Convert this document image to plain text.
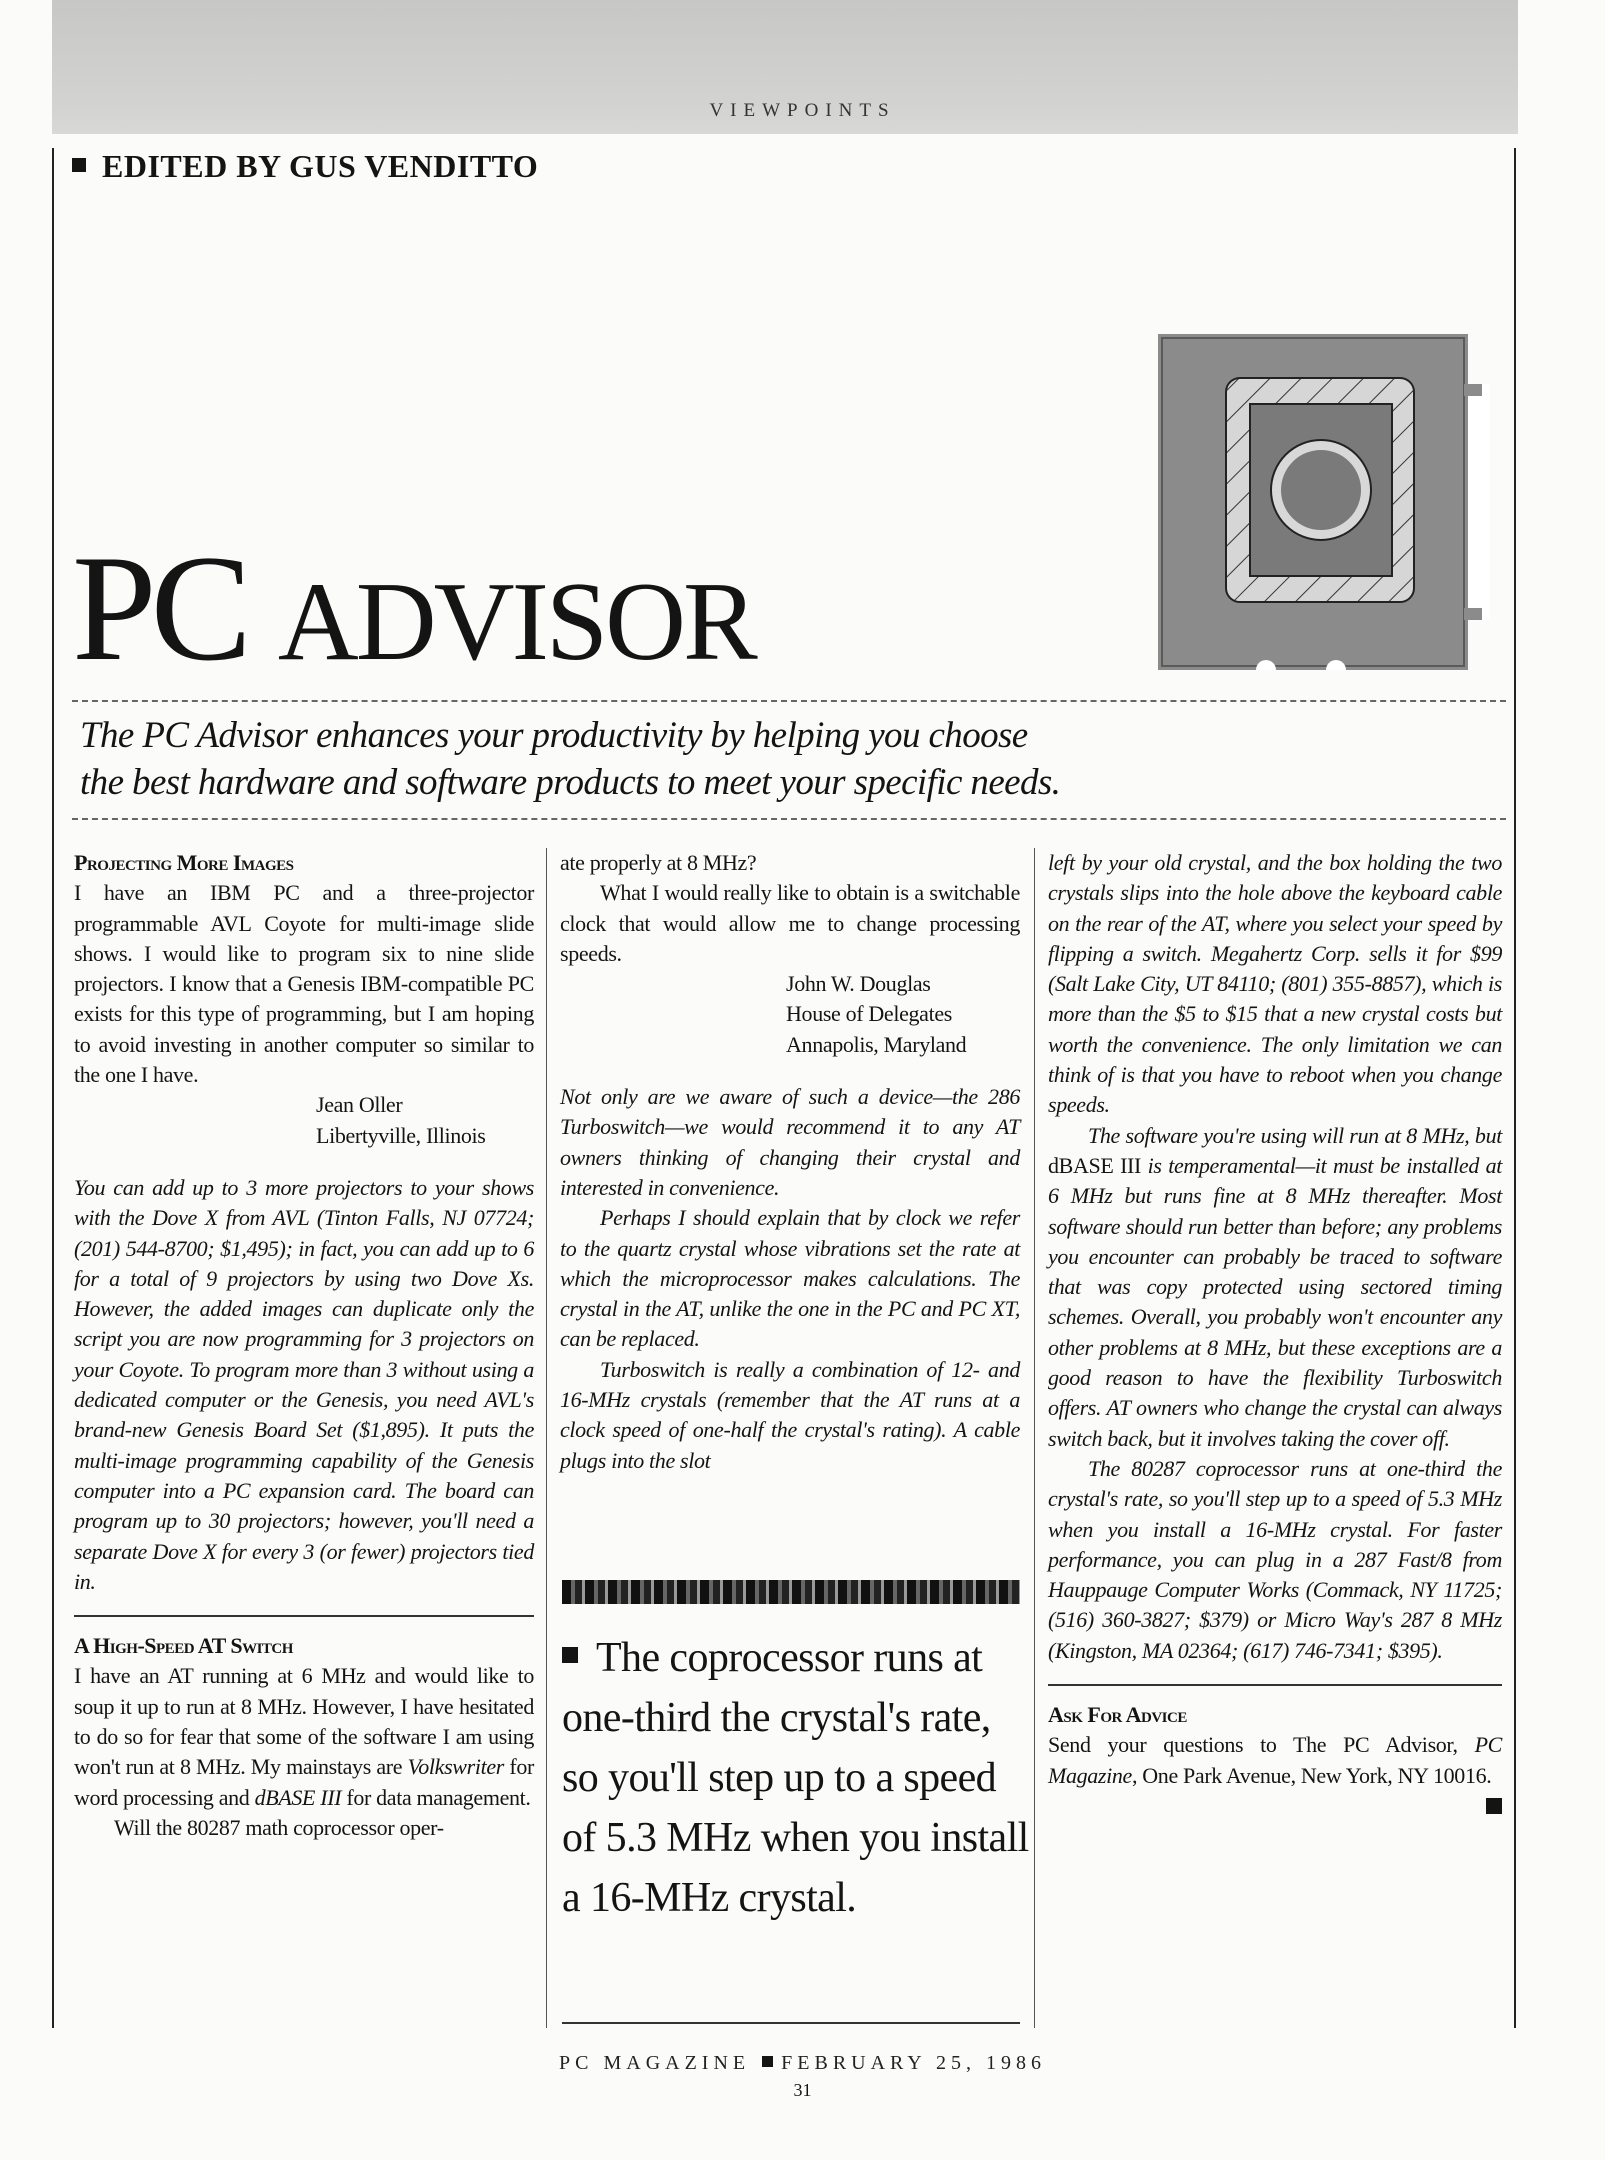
VIEWPOINTS
EDITED BY GUS VENDITTO
PC ADVISOR
The PC Advisor enhances your productivity by helping you choose
the best hardware and software products to meet your specific needs.

Projecting More Images

I have an IBM PC and a three-projector programmable AVL Coyote for multi-image slide shows. I would like to program six to nine slide projectors. I know that a Genesis IBM-compatible PC exists for this type of programming, but I am hoping to avoid investing in another computer so similar to the one I have.

Jean Oller

Libertyville, Illinois

You can add up to 3 more projectors to your shows with the Dove X from AVL (Tinton Falls, NJ 07724; (201) 544-8700; $1,495); in fact, you can add up to 6 for a total of 9 projectors by using two Dove Xs. However, the added images can duplicate only the script you are now programming for 3 projectors on your Coyote. To program more than 3 without using a dedicated computer or the Genesis, you need AVL's brand-new Genesis Board Set ($1,895). It puts the multi-image programming capability of the Genesis computer into a PC expansion card. The board can program up to 30 projectors; however, you'll need a separate Dove X for every 3 (or fewer) projectors tied in.

A High-Speed AT Switch

I have an AT running at 6 MHz and would like to soup it up to run at 8 MHz. However, I have hesitated to do so for fear that some of the software I am using won't run at 8 MHz. My mainstays are Volkswriter for word processing and dBASE III for data management.

Will the 80287 math coprocessor oper-

ate properly at 8 MHz?

What I would really like to obtain is a switchable clock that would allow me to change processing speeds.

John W. Douglas

House of Delegates

Annapolis, Maryland

Not only are we aware of such a device—the 286 Turboswitch—we would recommend it to any AT owners thinking of changing their crystal and interested in convenience.

Perhaps I should explain that by clock we refer to the quartz crystal whose vibrations set the rate at which the microprocessor makes calculations. The crystal in the AT, unlike the one in the PC and PC XT, can be replaced.

Turboswitch is really a combination of 12- and 16-MHz crystals (remember that the AT runs at a clock speed of one-half the crystal's rating). A cable plugs into the slot

The coprocessor runs at one-third the crystal's rate, so you'll step up to a speed of 5.3 MHz when you install a 16-MHz crystal.

left by your old crystal, and the box holding the two crystals slips into the hole above the keyboard cable on the rear of the AT, where you select your speed by flipping a switch. Megahertz Corp. sells it for $99 (Salt Lake City, UT 84110; (801) 355-8857), which is more than the $5 to $15 that a new crystal costs but worth the convenience. The only limitation we can think of is that you have to reboot when you change speeds.

The software you're using will run at 8 MHz, but dBASE III is temperamental—it must be installed at 6 MHz but runs fine at 8 MHz thereafter. Most software should run better than before; any problems you encounter can probably be traced to software that was copy protected using sectored timing schemes. Overall, you probably won't encounter any other problems at 8 MHz, but these exceptions are a good reason to have the flexibility Turboswitch offers. AT owners who change the crystal can always switch back, but it involves taking the cover off.

The 80287 coprocessor runs at one-third the crystal's rate, so you'll step up to a speed of 5.3 MHz when you install a 16-MHz crystal. For faster performance, you can plug in a 287 Fast/8 from Hauppauge Computer Works (Commack, NY 11725; (516) 360-3827; $379) or Micro Way's 287 8 MHz (Kingston, MA 02364; (617) 746-7341; $395).

Ask For Advice

Send your questions to The PC Advisor, PC Magazine, One Park Avenue, New York, NY 10016.

PC MAGAZINE FEBRUARY 25, 1986
31
